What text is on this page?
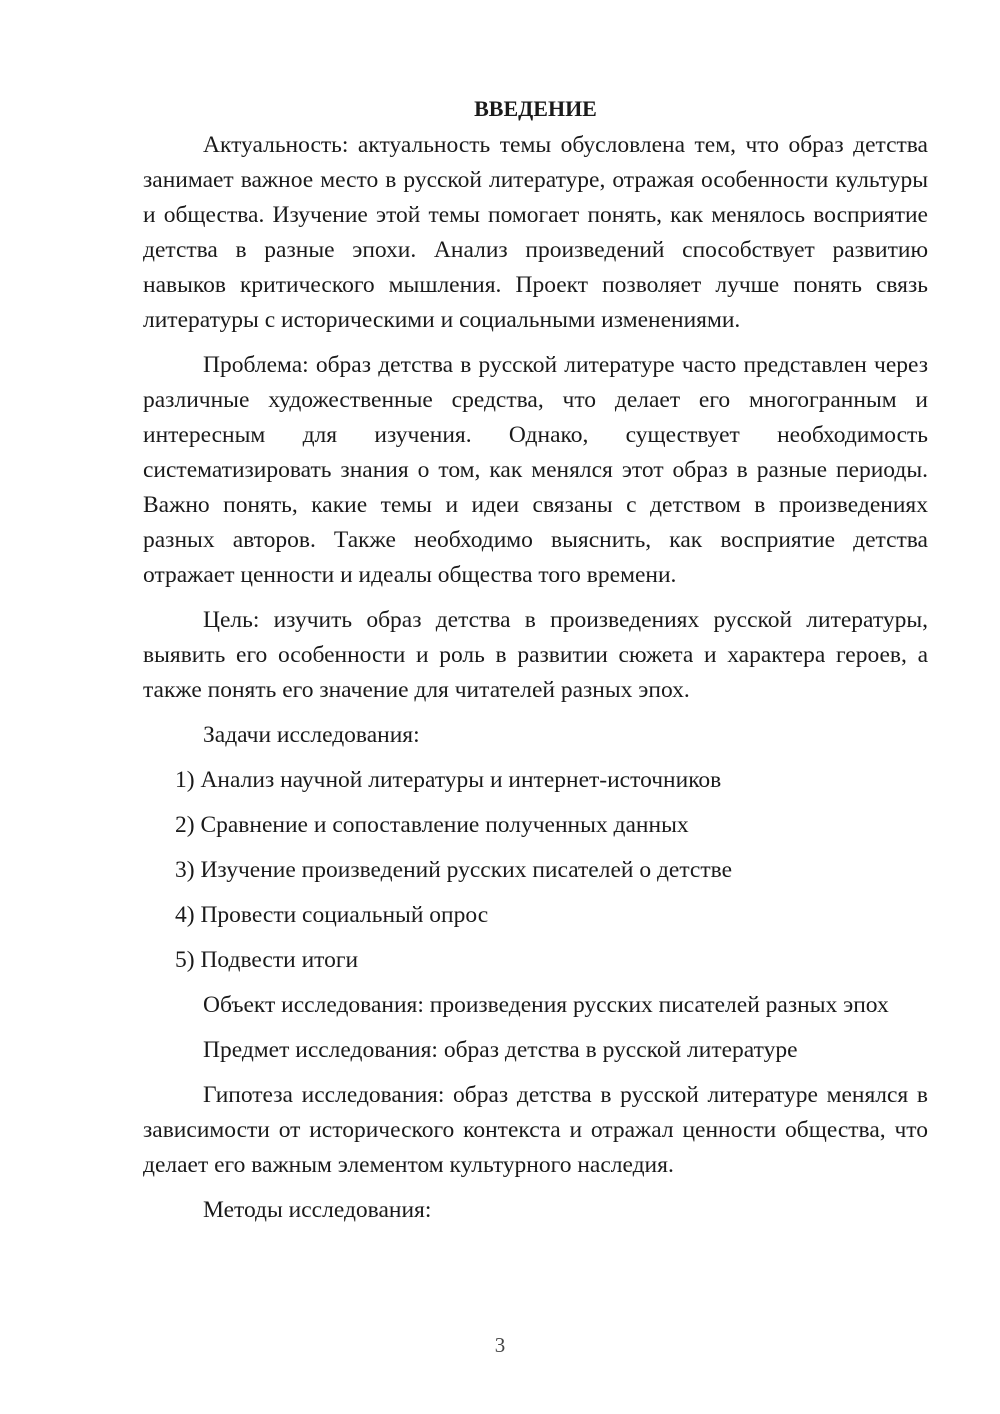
ВВЕДЕНИЕ

Актуальность: актуальность темы обусловлена тем, что образ детства занимает важное место в русской литературе, отражая особенности культуры и общества. Изучение этой темы помогает понять, как менялось восприятие детства в разные эпохи. Анализ произведений способствует развитию навыков критического мышления. Проект позволяет лучше понять связь литературы с историческими и социальными изменениями.

Проблема: образ детства в русской литературе часто представлен через различные художественные средства, что делает его многогранным и интересным для изучения. Однако, существует необходимость систематизировать знания о том, как менялся этот образ в разные периоды. Важно понять, какие темы и идеи связаны с детством в произведениях разных авторов. Также необходимо выяснить, как восприятие детства отражает ценности и идеалы общества того времени.

Цель: изучить образ детства в произведениях русской литературы, выявить его особенности и роль в развитии сюжета и характера героев, а также понять его значение для читателей разных эпох.

Задачи исследования:

1) Анализ научной литературы и интернет-источников

2) Сравнение и сопоставление полученных данных

3) Изучение произведений русских писателей о детстве

4) Провести социальный опрос

5) Подвести итоги

Объект исследования: произведения русских писателей разных эпох

Предмет исследования: образ детства в русской литературе

Гипотеза исследования: образ детства в русской литературе менялся в зависимости от исторического контекста и отражал ценности общества, что делает его важным элементом культурного наследия.

Методы исследования:

3
